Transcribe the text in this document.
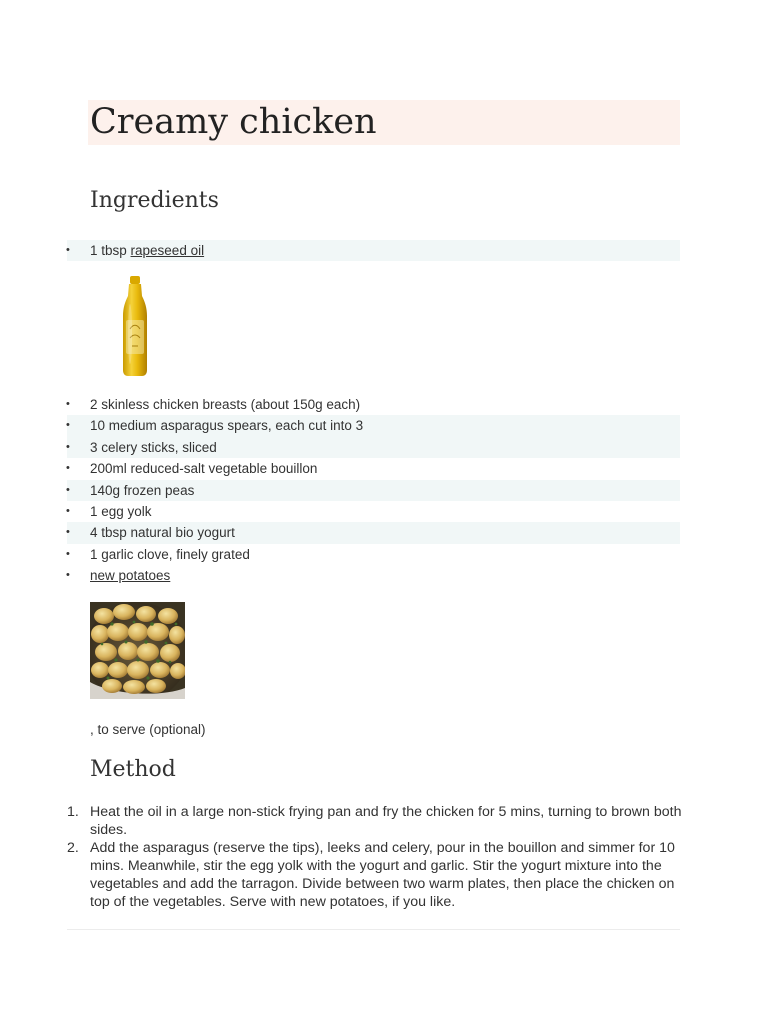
Creamy chicken
Ingredients
• 1 tbsp rapeseed oil
• 2 skinless chicken breasts (about 150g each)
• 10 medium asparagus spears, each cut into 3
• 3 celery sticks, sliced
• 200ml reduced-salt vegetable bouillon
• 140g frozen peas
• 1 egg yolk
• 4 tbsp natural bio yogurt
• 1 garlic clove, finely grated
• new potatoes
, to serve (optional)
Method
1. Heat the oil in a large non-stick frying pan and fry the chicken for 5 mins, turning to brown both sides.
2. Add the asparagus (reserve the tips), leeks and celery, pour in the bouillon and simmer for 10 mins. Meanwhile, stir the egg yolk with the yogurt and garlic. Stir the yogurt mixture into the vegetables and add the tarragon. Divide between two warm plates, then place the chicken on top of the vegetables. Serve with new potatoes, if you like.
